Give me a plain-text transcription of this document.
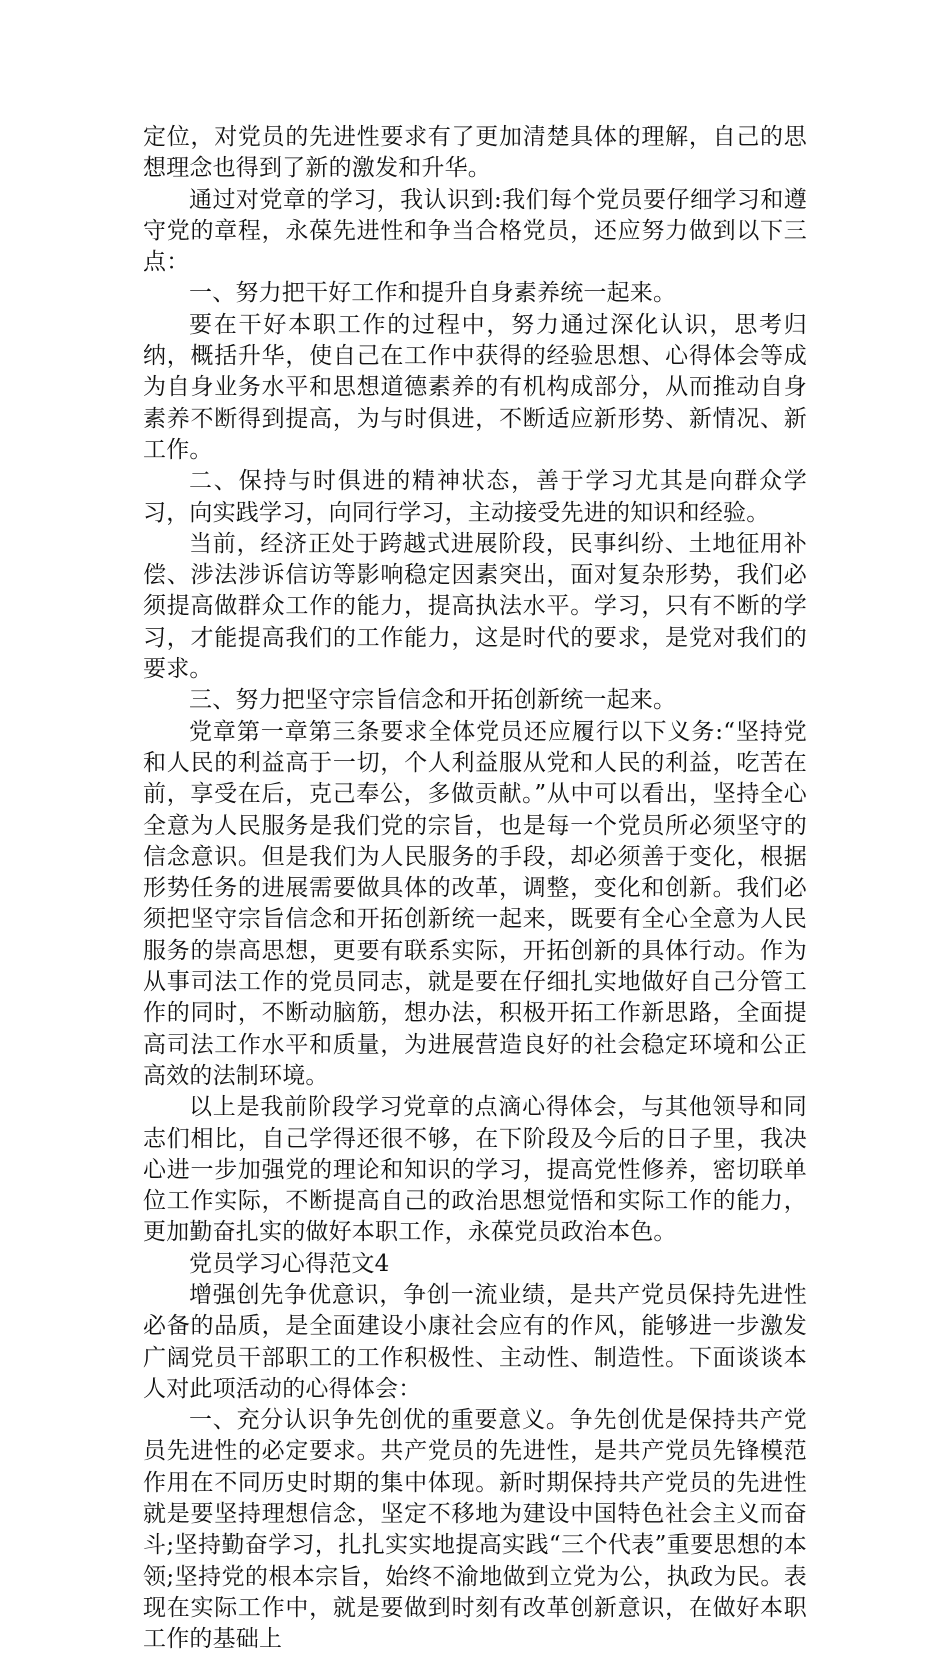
定位，对党员的先进性要求有了更加清楚具体的理解，自己的思想理念也得到了新的激发和升华。

通过对党章的学习，我认识到:我们每个党员要仔细学习和遵守党的章程，永葆先进性和争当合格党员，还应努力做到以下三点：

一、努力把干好工作和提升自身素养统一起来。

要在干好本职工作的过程中，努力通过深化认识，思考归纳，概括升华，使自己在工作中获得的经验思想、心得体会等成为自身业务水平和思想道德素养的有机构成部分，从而推动自身素养不断得到提高，为与时俱进，不断适应新形势、新情况、新工作。

二、保持与时俱进的精神状态，善于学习尤其是向群众学习，向实践学习，向同行学习，主动接受先进的知识和经验。

当前，经济正处于跨越式进展阶段，民事纠纷、土地征用补偿、涉法涉诉信访等影响稳定因素突出，面对复杂形势，我们必须提高做群众工作的能力，提高执法水平。学习，只有不断的学习，才能提高我们的工作能力，这是时代的要求，是党对我们的要求。

三、努力把坚守宗旨信念和开拓创新统一起来。

党章第一章第三条要求全体党员还应履行以下义务:“坚持党和人民的利益高于一切，个人利益服从党和人民的利益，吃苦在前，享受在后，克己奉公，多做贡献。”从中可以看出，坚持全心全意为人民服务是我们党的宗旨，也是每一个党员所必须坚守的信念意识。但是我们为人民服务的手段，却必须善于变化，根据形势任务的进展需要做具体的改革，调整，变化和创新。我们必须把坚守宗旨信念和开拓创新统一起来，既要有全心全意为人民服务的崇高思想，更要有联系实际，开拓创新的具体行动。作为从事司法工作的党员同志，就是要在仔细扎实地做好自己分管工作的同时，不断动脑筋，想办法，积极开拓工作新思路，全面提高司法工作水平和质量，为进展营造良好的社会稳定环境和公正高效的法制环境。

以上是我前阶段学习党章的点滴心得体会，与其他领导和同志们相比，自己学得还很不够，在下阶段及今后的日子里，我决心进一步加强党的理论和知识的学习，提高党性修养，密切联单位工作实际，不断提高自己的政治思想觉悟和实际工作的能力，更加勤奋扎实的做好本职工作，永葆党员政治本色。

党员学习心得范文4

增强创先争优意识，争创一流业绩，是共产党员保持先进性必备的品质，是全面建设小康社会应有的作风，能够进一步激发广阔党员干部职工的工作积极性、主动性、制造性。下面谈谈本人对此项活动的心得体会：

一、充分认识争先创优的重要意义。争先创优是保持共产党员先进性的必定要求。共产党员的先进性，是共产党员先锋模范作用在不同历史时期的集中体现。新时期保持共产党员的先进性就是要坚持理想信念，坚定不移地为建设中国特色社会主义而奋斗;坚持勤奋学习，扎扎实实地提高实践“三个代表”重要思想的本领;坚持党的根本宗旨，始终不渝地做到立党为公，执政为民。表现在实际工作中，就是要做到时刻有改革创新意识，在做好本职工作的基础上
